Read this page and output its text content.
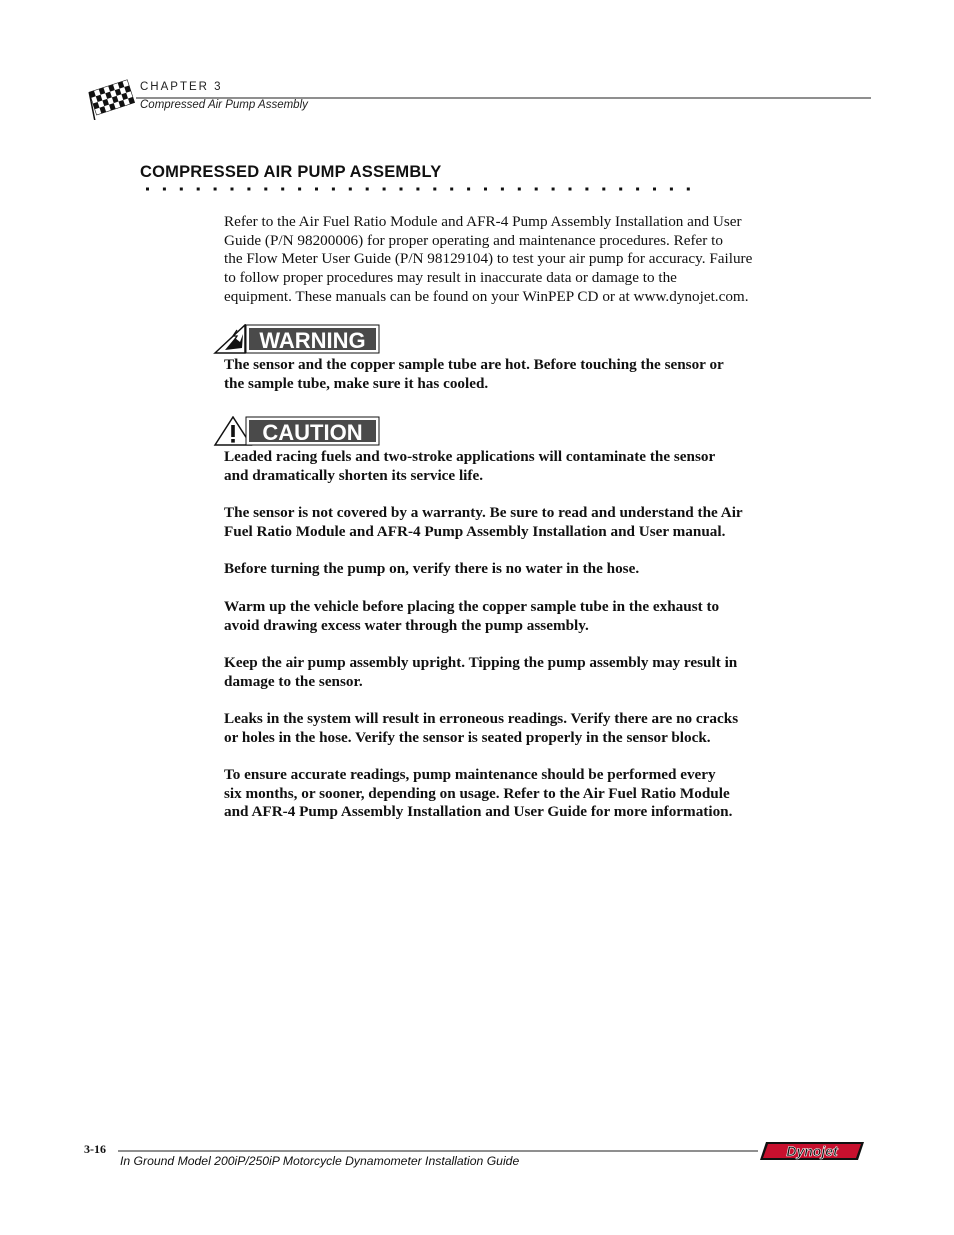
CHAPTER 3
Compressed Air Pump Assembly
COMPRESSED AIR PUMP ASSEMBLY
Refer to the Air Fuel Ratio Module and AFR-4 Pump Assembly Installation and User
Guide (P/N 98200006) for proper operating and maintenance procedures. Refer to
the Flow Meter User Guide (P/N 98129104) to test your air pump for accuracy. Failure
to follow proper procedures may result in inaccurate data or damage to the
equipment. These manuals can be found on your WinPEP CD or at www.dynojet.com.
WARNING
The sensor and the copper sample tube are hot. Before touching the sensor or
the sample tube, make sure it has cooled.
CAUTION
Leaded racing fuels and two-stroke applications will contaminate the sensor
and dramatically shorten its service life.
The sensor is not covered by a warranty. Be sure to read and understand the Air
Fuel Ratio Module and AFR-4 Pump Assembly Installation and User manual.
Before turning the pump on, verify there is no water in the hose.
Warm up the vehicle before placing the copper sample tube in the exhaust to
avoid drawing excess water through the pump assembly.
Keep the air pump assembly upright. Tipping the pump assembly may result in
damage to the sensor.
Leaks in the system will result in erroneous readings. Verify there are no cracks
or holes in the hose. Verify the sensor is seated properly in the sensor block.
To ensure accurate readings, pump maintenance should be performed every
six months, or sooner, depending on usage. Refer to the Air Fuel Ratio Module
and AFR-4 Pump Assembly Installation and User Guide for more information.
3-16
In Ground Model 200iP/250iP Motorcycle Dynamometer Installation Guide
Dynojet
